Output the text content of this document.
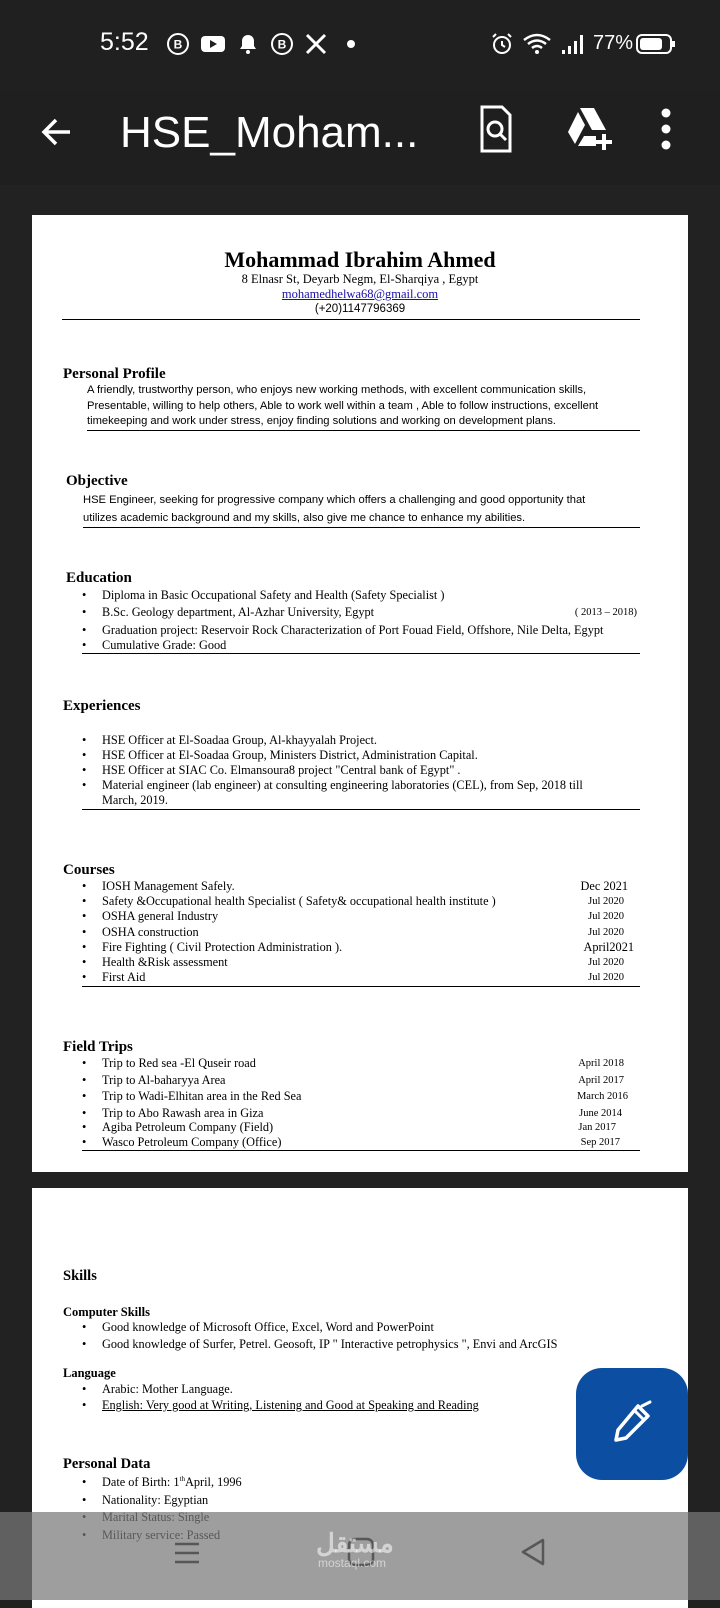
5:52 B	B	77%
HSE_Moham...
Mohammad Ibrahim Ahmed
8 Elnasr St, Deyarb Negm, El-Sharqiya , Egypt
mohamedhelwa68@gmail.com
(+20)1147796369
Personal Profile
A friendly, trustworthy person, who enjoys new working methods, with excellent communication skills,
Presentable, willing to help others, Able to work well within a team , Able to follow instructions, excellent
timekeeping and work under stress, enjoy finding solutions and working on development plans.
Objective
HSE Engineer, seeking for progressive company which offers a challenging and good opportunity that
utilizes academic background and my skills, also give me chance to enhance my abilities.
Education
• Diploma in Basic Occupational Safety and Health (Safety Specialist )
• B.Sc. Geology department, Al-Azhar University, Egypt	( 2013 – 2018)
• Graduation project: Reservoir Rock Characterization of Port Fouad Field, Offshore, Nile Delta, Egypt
• Cumulative Grade: Good
Experiences
• HSE Officer at El-Soadaa Group, Al-khayyalah Project.
• HSE Officer at El-Soadaa Group, Ministers District, Administration Capital.
• HSE Officer at SIAC Co. Elmansoura8 project "Central bank of Egypt" .
• Material engineer (lab engineer) at consulting engineering laboratories (CEL), from Sep, 2018 till
March, 2019.
Courses
• IOSH Management Safely.	Dec 2021
• Safety &Occupational health Specialist ( Safety& occupational health institute )	Jul 2020
• OSHA general Industry	Jul 2020
• OSHA construction	Jul 2020
• Fire Fighting ( Civil Protection Administration ).	April2021
• Health &Risk assessment	Jul 2020
• First Aid	Jul 2020
Field Trips
• Trip to Red sea -El Quseir road	April 2018
• Trip to Al-baharyya Area	April 2017
• Trip to Wadi-Elhitan area in the Red Sea	March 2016
• Trip to Abo Rawash area in Giza	June 2014
• Agiba Petroleum Company (Field)	Jan 2017
• Wasco Petroleum Company (Office)	Sep 2017
Skills
Computer Skills
• Good knowledge of Microsoft Office, Excel, Word and PowerPoint
• Good knowledge of Surfer, Petrel. Geosoft, IP " Interactive petrophysics ", Envi and ArcGIS
Language
• Arabic: Mother Language.
• English: Very good at Writing, Listening and Good at Speaking and Reading
Personal Data
• Date of Birth: 1thApril, 1996
• Nationality: Egyptian
•
•
مستقل
mostaql.com
